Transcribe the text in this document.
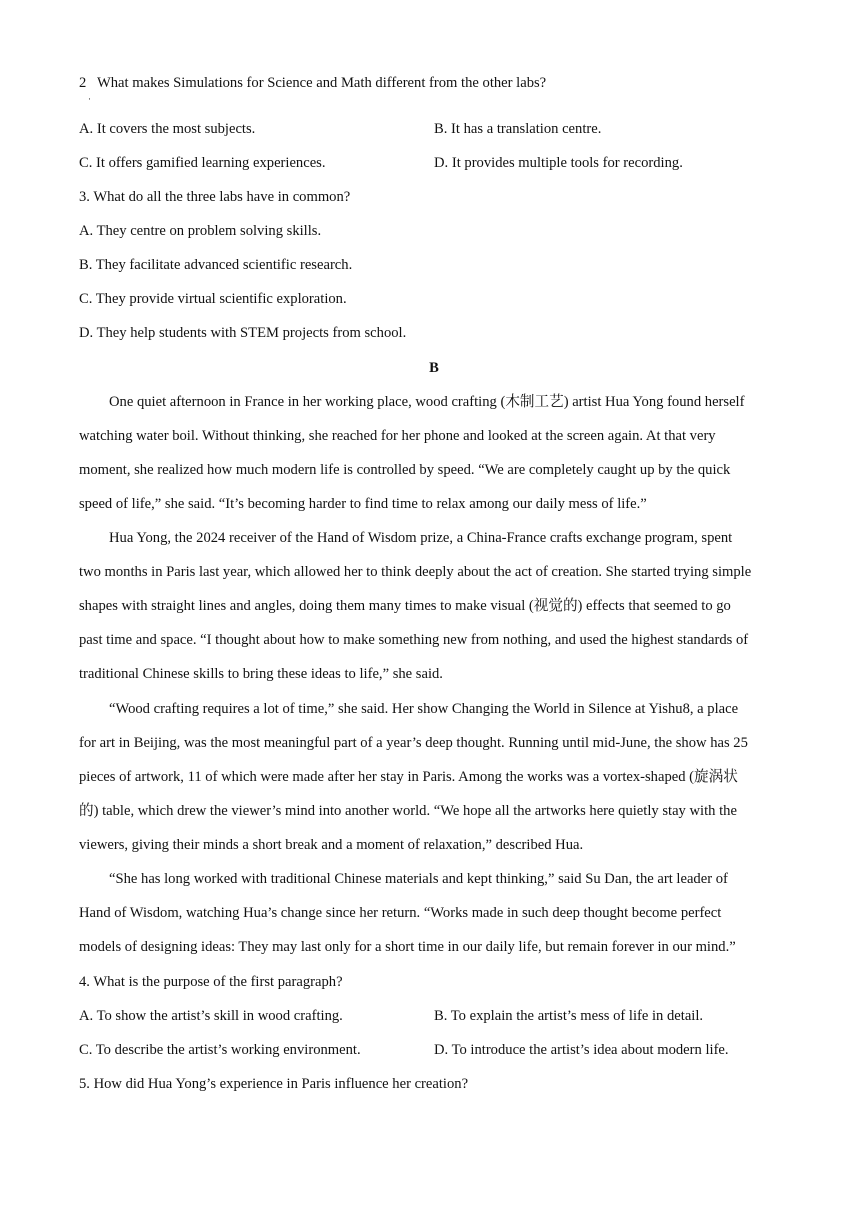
2 What makes Simulations for Science and Math different from the other labs?
·
A. It covers the most subjects.	B. It has a translation centre.
C. It offers gamified learning experiences.	D. It provides multiple tools for recording.
3. What do all the three labs have in common?
A. They centre on problem solving skills.
B. They facilitate advanced scientific research.
C. They provide virtual scientific exploration.
D. They help students with STEM projects from school.
B
One quiet afternoon in France in her working place, wood crafting (木制工艺) artist Hua Yong found herself
watching water boil. Without thinking, she reached for her phone and looked at the screen again. At that very
moment, she realized how much modern life is controlled by speed. “We are completely caught up by the quick
speed of life,” she said. “It’s becoming harder to find time to relax among our daily mess of life.”
Hua Yong, the 2024 receiver of the Hand of Wisdom prize, a China-France crafts exchange program, spent
two months in Paris last year, which allowed her to think deeply about the act of creation. She started trying simple
shapes with straight lines and angles, doing them many times to make visual (视觉的) effects that seemed to go
past time and space. “I thought about how to make something new from nothing, and used the highest standards of
traditional Chinese skills to bring these ideas to life,” she said.
“Wood crafting requires a lot of time,” she said. Her show Changing the World in Silence at Yishu8, a place
for art in Beijing, was the most meaningful part of a year’s deep thought. Running until mid-June, the show has 25
pieces of artwork, 11 of which were made after her stay in Paris. Among the works was a vortex-shaped (旋涡状
的) table, which drew the viewer’s mind into another world. “We hope all the artworks here quietly stay with the
viewers, giving their minds a short break and a moment of relaxation,” described Hua.
“She has long worked with traditional Chinese materials and kept thinking,” said Su Dan, the art leader of
Hand of Wisdom, watching Hua’s change since her return. “Works made in such deep thought become perfect
models of designing ideas: They may last only for a short time in our daily life, but remain forever in our mind.”
4. What is the purpose of the first paragraph?
A. To show the artist’s skill in wood crafting.	B. To explain the artist’s mess of life in detail.
C. To describe the artist’s working environment.	D. To introduce the artist’s idea about modern life.
5. How did Hua Yong’s experience in Paris influence her creation?
